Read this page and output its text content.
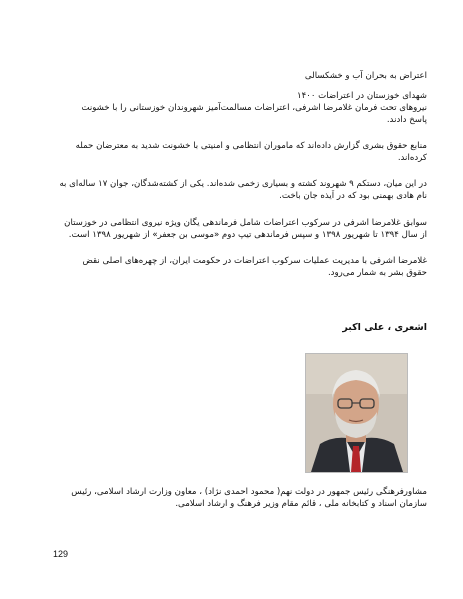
اعتراض به بحران آب و خشکسالی
شهدای خوزستان در اعتراضات ۱۴۰۰
نیروهای تحت فرمان غلامرضا اشرفی، اعتراضات مسالمت‌آمیز شهروندان خوزستانی را با خشونت
پاسخ دادند.
منابع حقوق بشری گزارش داده‌اند که ماموران انتظامی و امنیتی با خشونت شدید به معترضان حمله
کرده‌اند.
در این میان، دستکم ۹ شهروند کشته و بسیاری زخمی شده‌اند. یکی از کشته‌شدگان، جوان ۱۷ ساله‌ای به
نام هادی بهمنی بود که در اَیذه جان باخت.
سوابق غلامرضا اشرفی در سرکوب اعتراضات شامل فرماندهی یگان ویژه نیروی انتظامی در خوزستان
از سال ۱۳۹۴ تا شهریور ۱۳۹۸ و سپس فرماندهی تیپ دوم «موسی بن جعفر» از شهریور ۱۳۹۸ است.
غلامرضا اشرفی با مدیریت عملیات سرکوب اعتراضات در حکومت ایران، از چهره‌های اصلی نقض
حقوق بشر به شمار می‌رود.
اشعری ، علی اکبر
مشاورفرهنگی رئیس جمهور در دولت نهم( محمود احمدی نژاد) ، معاون وزارت ارشاد اسلامی، رئیس
سازمان اسناد و کتابخانه ملی ، قائم مقام وزیر فرهنگ و ارشاد اسلامی.
129
